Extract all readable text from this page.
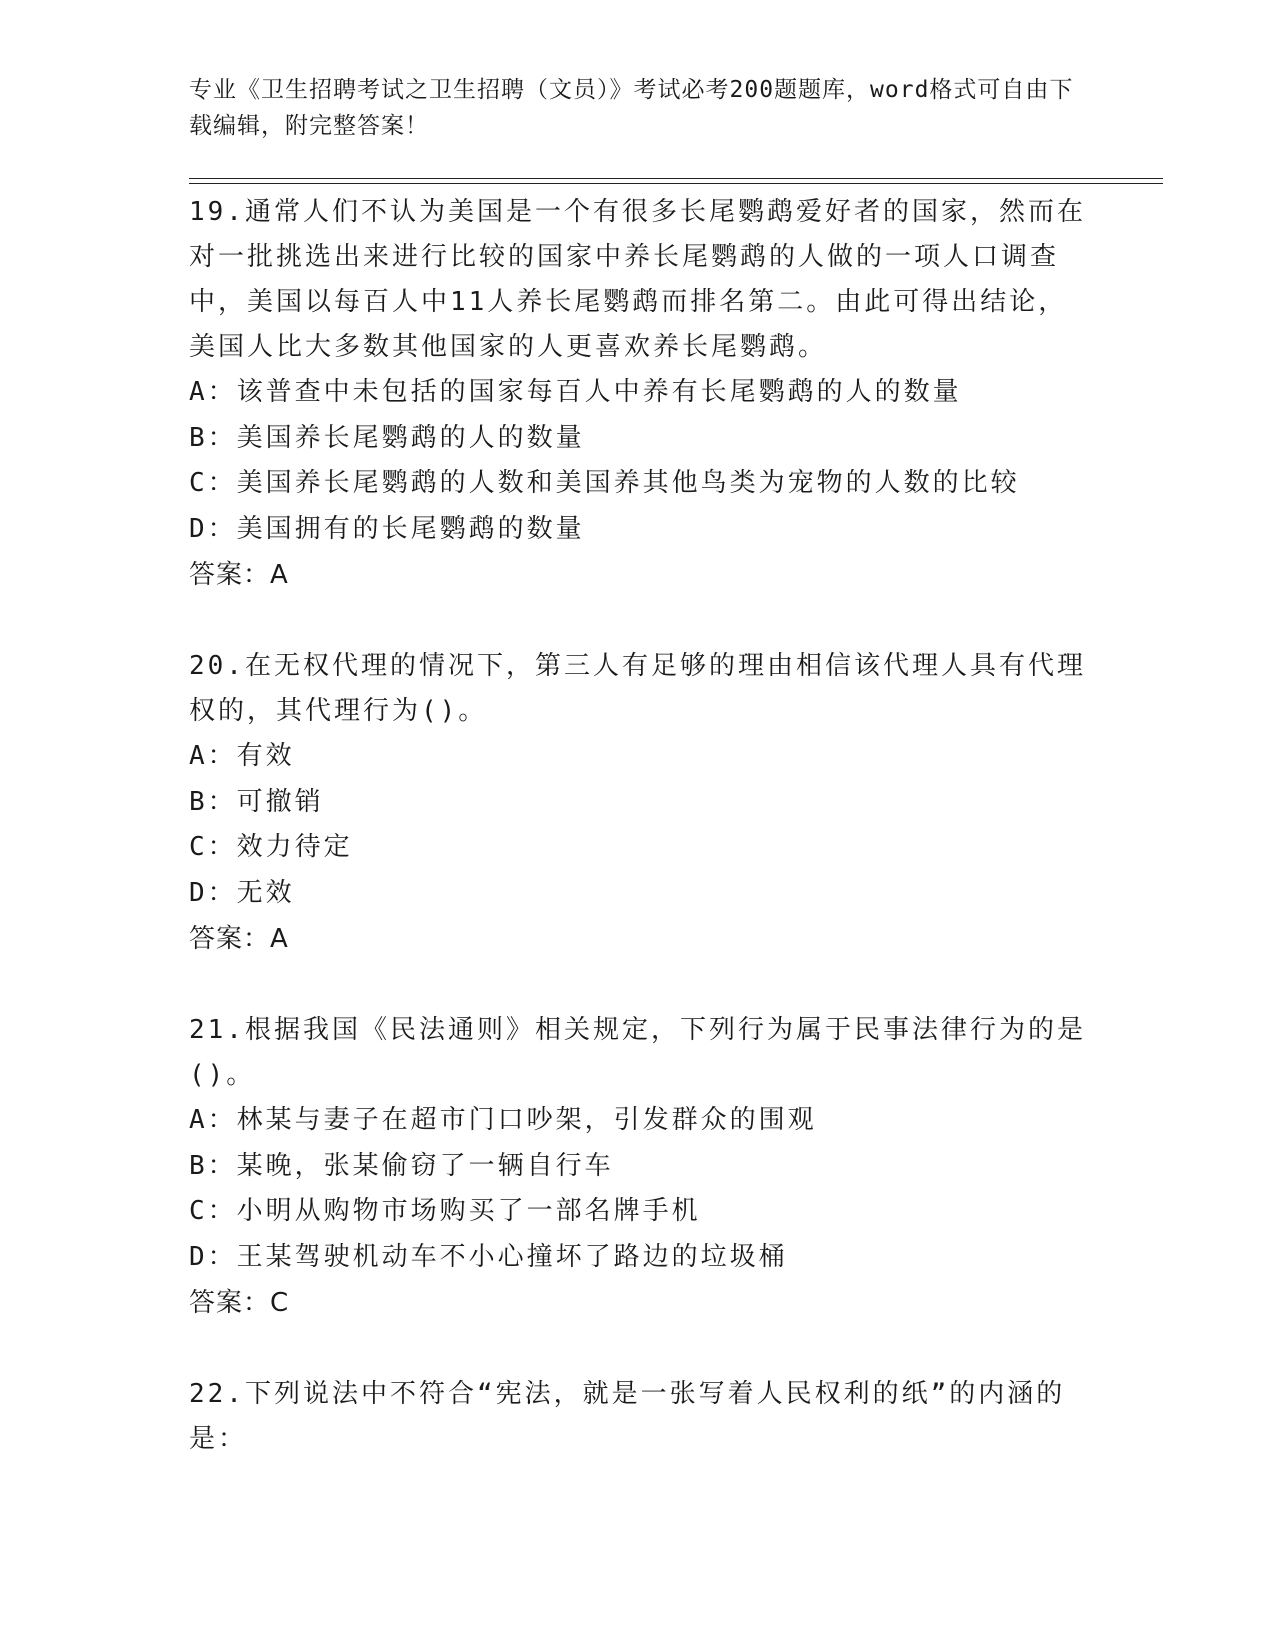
专业《卫生招聘考试之卫生招聘（文员）》考试必考200题题库，word格式可自由下载编辑，附完整答案！

19.通常人们不认为美国是一个有很多长尾鹦鹉爱好者的国家，然而在对一批挑选出来进行比较的国家中养长尾鹦鹉的人做的一项人口调查中，美国以每百人中11人养长尾鹦鹉而排名第二。由此可得出结论，美国人比大多数其他国家的人更喜欢养长尾鹦鹉。

A：该普查中未包括的国家每百人中养有长尾鹦鹉的人的数量

B：美国养长尾鹦鹉的人的数量

C：美国养长尾鹦鹉的人数和美国养其他鸟类为宠物的人数的比较

D：美国拥有的长尾鹦鹉的数量

答案：A

20.在无权代理的情况下，第三人有足够的理由相信该代理人具有代理权的，其代理行为()。

A：有效

B：可撤销

C：效力待定

D：无效

答案：A

21.根据我国《民法通则》相关规定，下列行为属于民事法律行为的是()。

A：林某与妻子在超市门口吵架，引发群众的围观

B：某晚，张某偷窃了一辆自行车

C：小明从购物市场购买了一部名牌手机

D：王某驾驶机动车不小心撞坏了路边的垃圾桶

答案：C

22.下列说法中不符合“宪法，就是一张写着人民权利的纸”的内涵的是：
